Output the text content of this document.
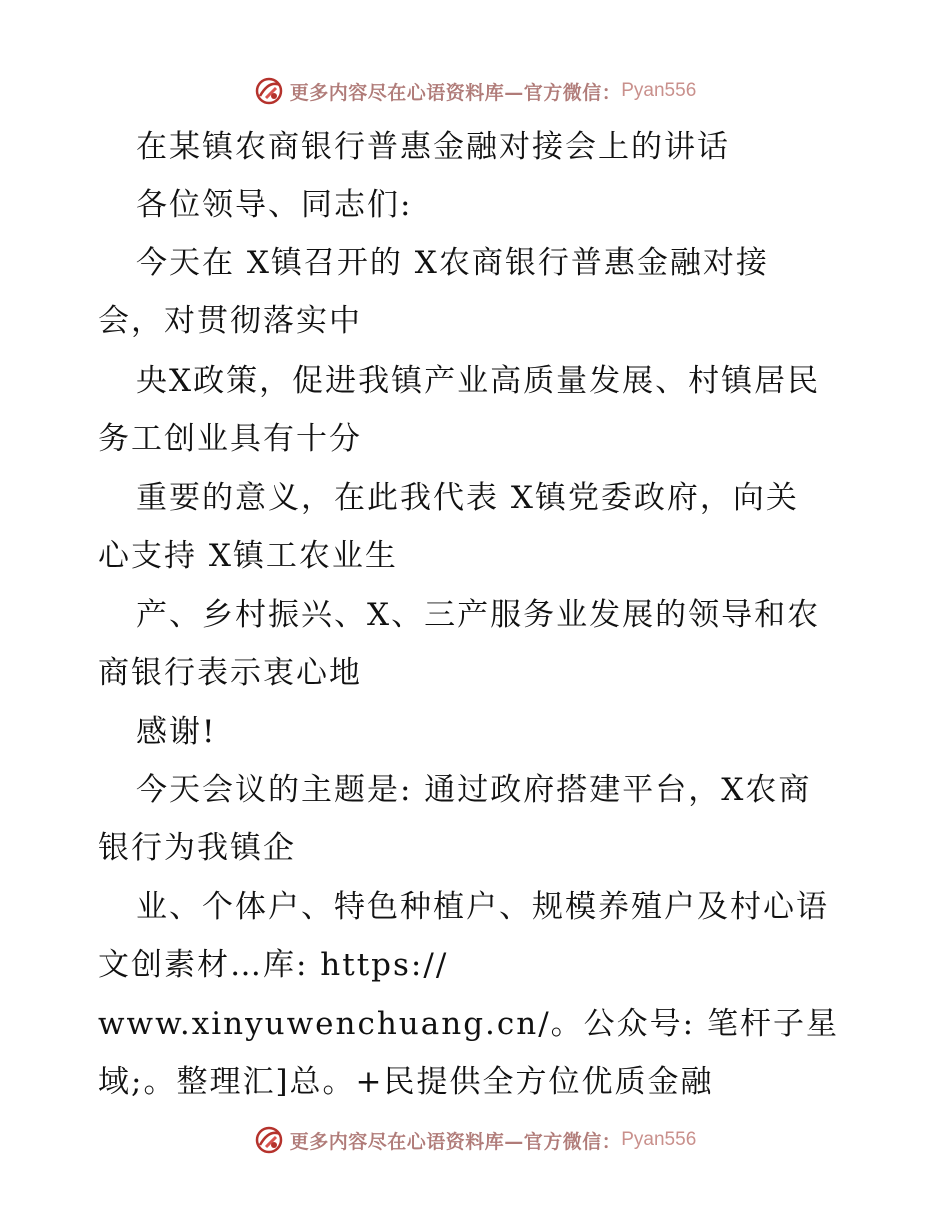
更多内容尽在心语资料库—官方微信： Pyan556

在某镇农商银行普惠金融对接会上的讲话

各位领导、同志们:

今天在 X镇召开的 X农商银行普惠金融对接

会，对贯彻落实中

央X政策，促进我镇产业高质量发展、村镇居民

务工创业具有十分

重要的意义，在此我代表 X镇党委政府，向关

心支持 X镇工农业生

产、乡村振兴、X、三产服务业发展的领导和农

商银行表示衷心地

感谢!

今天会议的主题是: 通过政府搭建平台，X农商

银行为我镇企

业、个体户、特色种植户、规模养殖户及村心语

文创素材…库: https://

www.xinyuwenchuang.cn/。公众号: 笔杆子星

域;。整理汇]总。+民提供全方位优质金融

更多内容尽在心语资料库—官方微信： Pyan556
